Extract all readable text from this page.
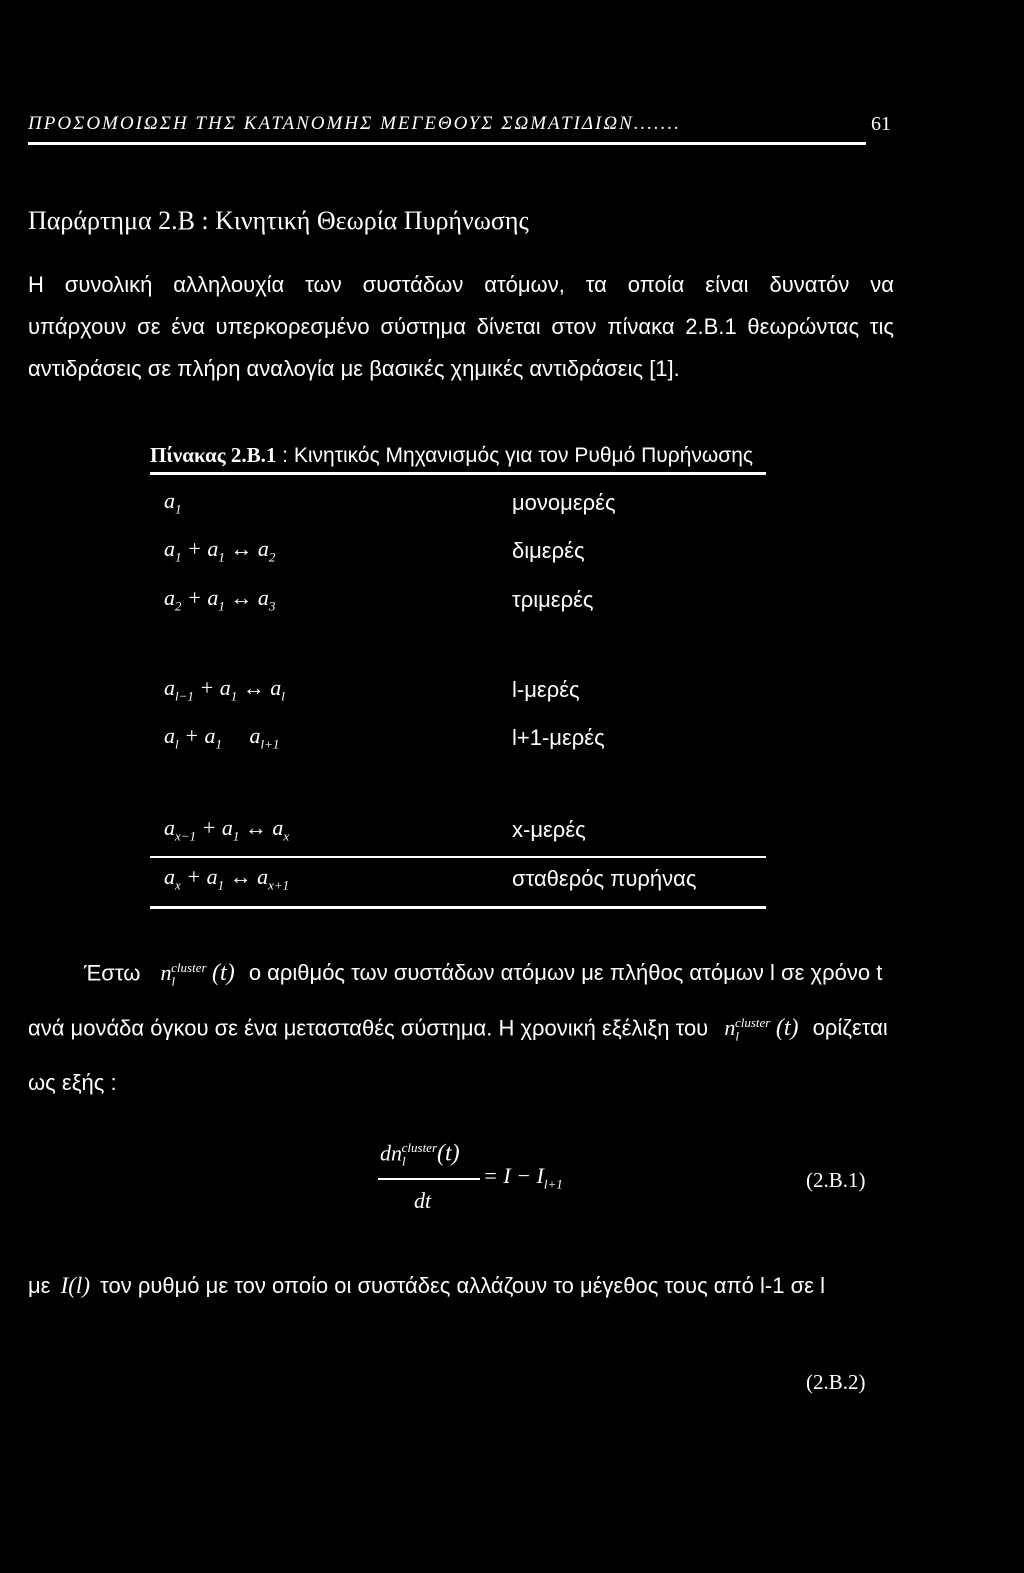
ΠΡΟΣΟΜΟΙΩΣΗ ΤΗΣ ΚΑΤΑΝΟΜΗΣ ΜΕΓΕΘΟΥΣ ΣΩΜΑΤΙΔΙΩΝ.......	61
Παράρτημα 2.Β : Κινητική Θεωρία Πυρήνωσης
Η συνολική αλληλουχία των συστάδων ατόμων, τα οποία είναι δυνατόν να
υπάρχουν σε ένα υπερκορεσμένο σύστημα δίνεται στον πίνακα 2.Β.1 θεωρώντας τις
αντιδράσεις σε πλήρη αναλογία με βασικές χημικές αντιδράσεις [1].
Πίνακας 2.Β.1 : Κινητικός Μηχανισμός για τον Ρυθμό Πυρήνωσης
$a_1$	μονομερές
$a_1 + a_1$ ↔ $a_2$	διμερές
$a_2 + a_1$ ↔ $a_3$	τριμερές
$a_{l-1} + a_1$ ↔ $a_l$	l-μερές
$a_l + a_1$     $a_{l+1}$	l+1-μερές
$a_{x-1} + a_1$ ↔ $a_x$	x-μερές
$a_x + a_1$ ↔ $a_{x+1}$	σταθερός πυρήνας
Έστω $n_l^{cluster}$ (t) ο αριθμός των συστάδων ατόμων με πλήθος ατόμων l σε χρόνο t
ανά μονάδα όγκου σε ένα μετασταθές σύστημα. Η χρονική εξέλιξη του $n_l^{cluster}$ (t) ορίζεται
ως εξής :
$dn_l^{cluster}(t)$
dt
= $I - I_{l+1}$	(2.B.1)
με I(l) τον ρυθμό με τον οποίο οι συστάδες αλλάζουν το μέγεθος τους από l-1 σε l
(2.B.2)
